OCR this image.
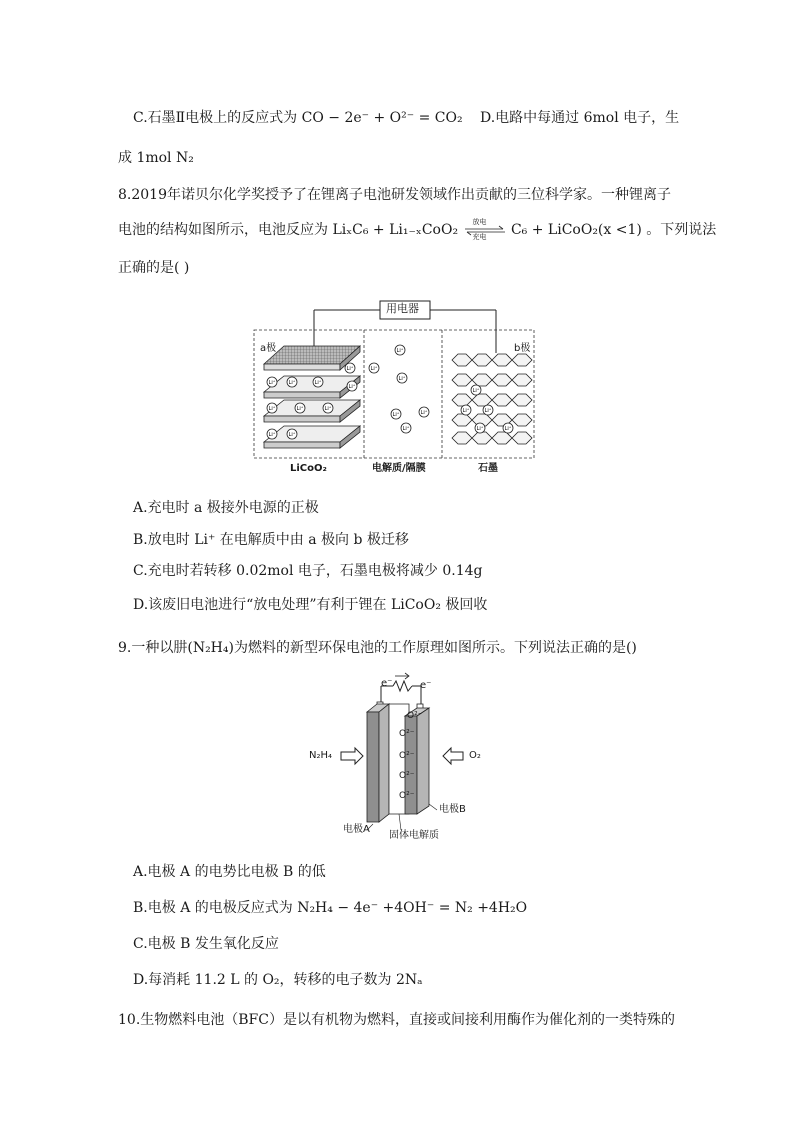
C.石墨Ⅱ电极上的反应式为 CO − 2e⁻ + O²⁻ = CO₂ D.电路中每通过 6mol 电子，生
成 1mol N₂
8.2019年诺贝尔化学奖授予了在锂离子电池研发领域作出贡献的三位科学家。一种锂离子
电池的结构如图所示，电池反应为 LiₓC₆ + Li₁₋ₓCoO₂ 放电
充电 C₆ + LiCoO₂(x <1) 。下列说法
正确的是( )
Li⁺	Li⁺	Li⁺
Li⁺	Li⁺	Li⁺
Li⁺	Li⁺
Li⁺
Li⁺
Li⁺
Li⁺
Li⁺
Li⁺	Li⁺
Li⁺
Li⁺
Li⁺	Li⁺
Li⁺	Li⁺
用电器
a极	b极
LiCoO₂	电解质/隔膜	石墨
A.充电时 a 极接外电源的正极
B.放电时 Li⁺ 在电解质中由 a 极向 b 极迁移
C.充电时若转移 0.02mol 电子，石墨电极将减少 0.14g
D.该废旧电池进行“放电处理”有利于锂在 LiCoO₂ 极回收
9.一种以肼(N₂H₄)为燃料的新型环保电池的工作原理如图所示。下列说法正确的是()
e⁻	e⁻
O²⁻
O²⁻
O²⁻
O²⁻
O²⁻
N₂H₄	O₂
电极A
固体电解质
电极B
A.电极 A 的电势比电极 B 的低
B.电极 A 的电极反应式为 N₂H₄ − 4e⁻ +4OH⁻ = N₂ +4H₂O
C.电极 B 发生氧化反应
D.每消耗 11.2 L 的 O₂，转移的电子数为 2Nₐ
10.生物燃料电池（BFC）是以有机物为燃料，直接或间接利用酶作为催化剂的一类特殊的
